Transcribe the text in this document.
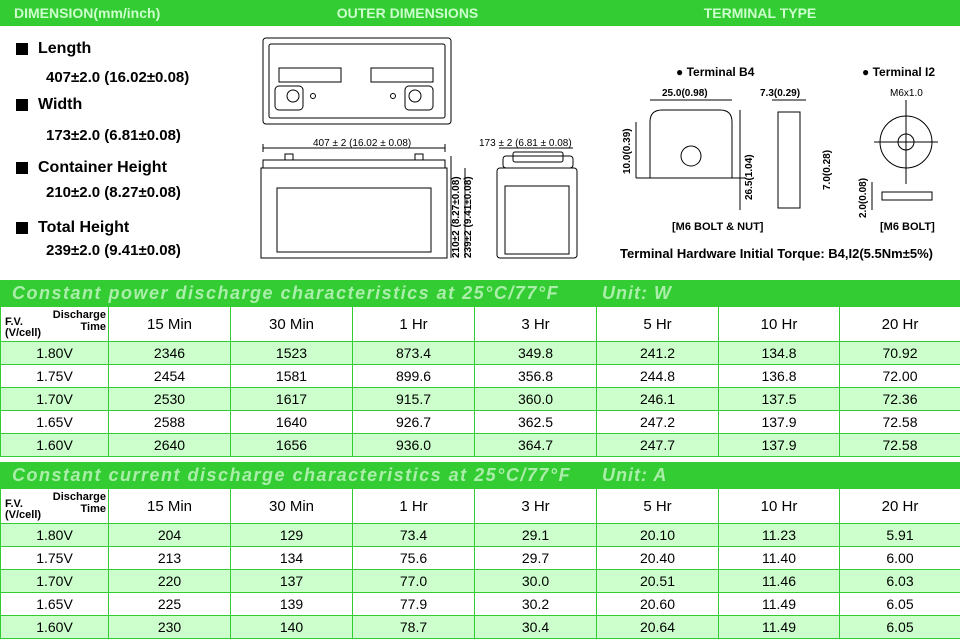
DIMENSION(mm/inch)	OUTER DIMENSIONS	TERMINAL TYPE
Length
407±2.0 (16.02±0.08)
Width
173±2.0 (6.81±0.08)
Container Height
210±2.0 (8.27±0.08)
Total Height
239±2.0 (9.41±0.08)
407 ± 2 (16.02 ± 0.08)
210±2 (8.27±0.08) 239±2 (9.41±0.08)
173 ± 2 (6.81 ± 0.08)
● Terminal B4	● Terminal I2
25.0(0.98)	7.3(0.29)
10.0(0.39)
26.5(1.04)	7.0(0.28)
[M6 BOLT & NUT]
M6x1.0
2.0(0.08)
[M6 BOLT]
Terminal Hardware Initial Torque: B4,I2(5.5Nm±5%)
Constant power discharge characteristics at 25°C/77°F Unit: W
Discharge
Time
F.V.
(V/cell)	15 Min	30 Min	1 Hr	3 Hr	5 Hr	10 Hr	20 Hr
1.80V	2346	1523	873.4	349.8	241.2	134.8	70.92
1.75V	2454	1581	899.6	356.8	244.8	136.8	72.00
1.70V	2530	1617	915.7	360.0	246.1	137.5	72.36
1.65V	2588	1640	926.7	362.5	247.2	137.9	72.58
1.60V	2640	1656	936.0	364.7	247.7	137.9	72.58
Constant current discharge characteristics at 25°C/77°F Unit: A
Discharge
Time
F.V.
(V/cell)	15 Min	30 Min	1 Hr	3 Hr	5 Hr	10 Hr	20 Hr
1.80V	204	129	73.4	29.1	20.10	11.23	5.91
1.75V	213	134	75.6	29.7	20.40	11.40	6.00
1.70V	220	137	77.0	30.0	20.51	11.46	6.03
1.65V	225	139	77.9	30.2	20.60	11.49	6.05
1.60V	230	140	78.7	30.4	20.64	11.49	6.05
